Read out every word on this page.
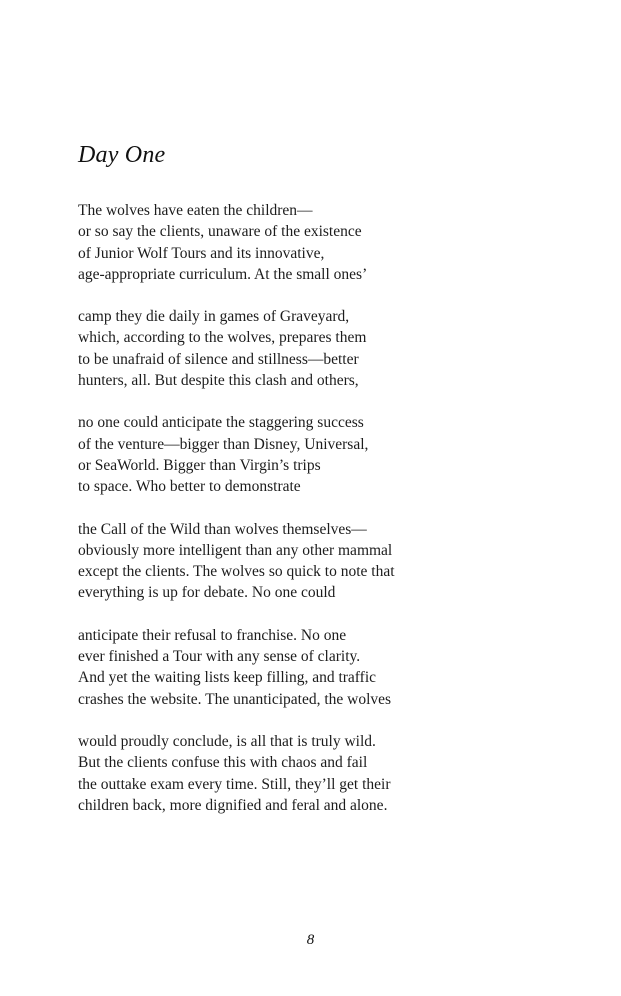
Day One
The wolves have eaten the children—
or so say the clients, unaware of the existence
of Junior Wolf Tours and its innovative,
age-appropriate curriculum. At the small ones’
camp they die daily in games of Graveyard,
which, according to the wolves, prepares them
to be unafraid of silence and stillness—better
hunters, all. But despite this clash and others,
no one could anticipate the staggering success
of the venture—bigger than Disney, Universal,
or SeaWorld. Bigger than Virgin’s trips
to space. Who better to demonstrate
the Call of the Wild than wolves themselves—
obviously more intelligent than any other mammal
except the clients. The wolves so quick to note that
everything is up for debate. No one could
anticipate their refusal to franchise. No one
ever finished a Tour with any sense of clarity.
And yet the waiting lists keep filling, and traffic
crashes the website. The unanticipated, the wolves
would proudly conclude, is all that is truly wild.
But the clients confuse this with chaos and fail
the outtake exam every time. Still, they’ll get their
children back, more dignified and feral and alone.
8
